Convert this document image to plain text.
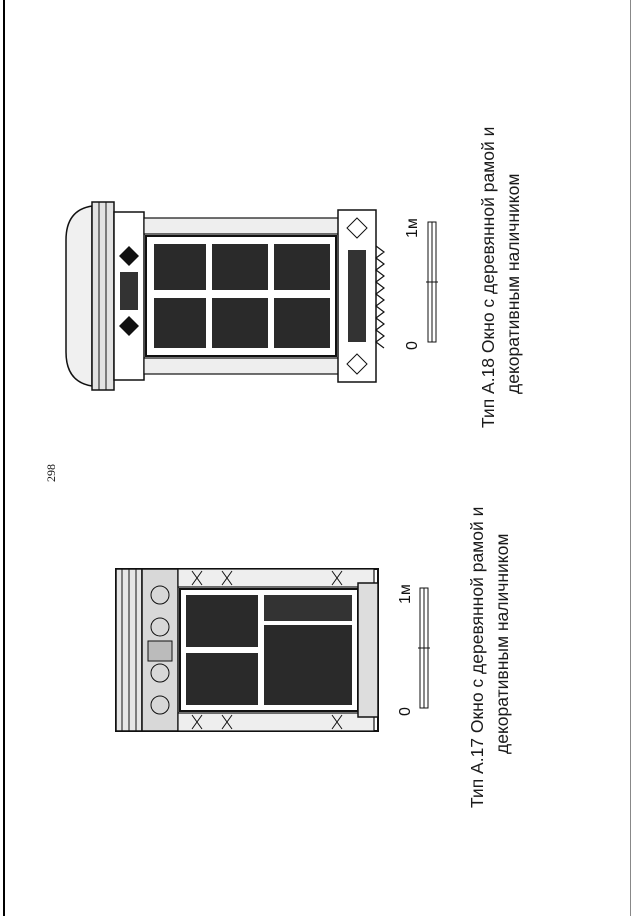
298
0
1м	Тип А.17 Окно с деревянной рамой и декоративным наличником
0
1м	Тип А.18 Окно с деревянной рамой и декоративным наличником
